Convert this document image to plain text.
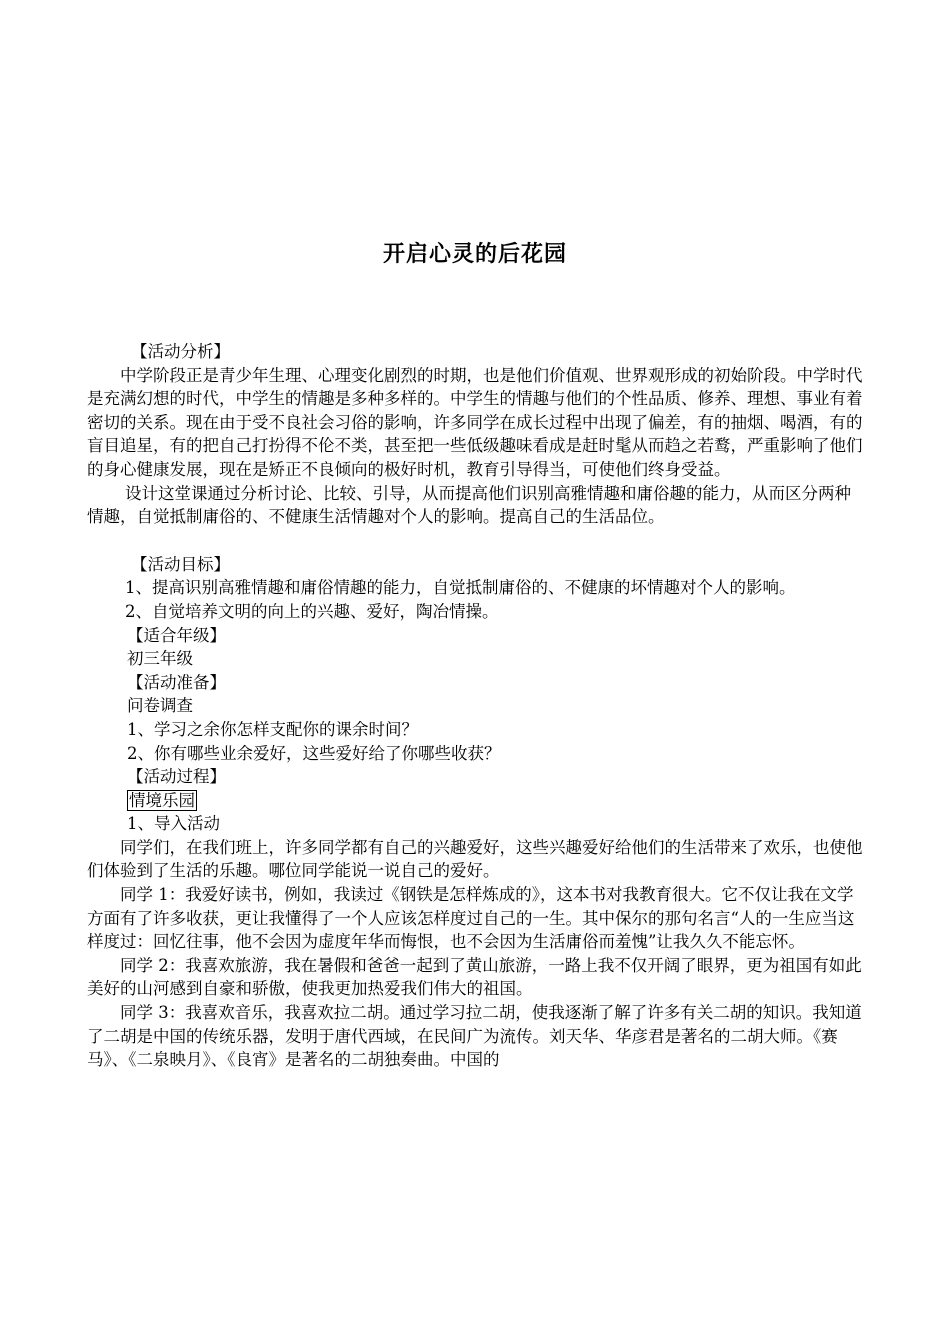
开启心灵的后花园

【活动分析】

中学阶段正是青少年生理、心理变化剧烈的时期，也是他们价值观、世界观形成的初始阶段。中学时代是充满幻想的时代，中学生的情趣是多种多样的。中学生的情趣与他们的个性品质、修养、理想、事业有着密切的关系。现在由于受不良社会习俗的影响，许多同学在成长过程中出现了偏差，有的抽烟、喝酒，有的盲目追星，有的把自己打扮得不伦不类，甚至把一些低级趣味看成是赶时髦从而趋之若鹜，严重影响了他们的身心健康发展，现在是矫正不良倾向的极好时机，教育引导得当，可使他们终身受益。

设计这堂课通过分析讨论、比较、引导，从而提高他们识别高雅情趣和庸俗趣的能力，从而区分两种情趣，自觉抵制庸俗的、不健康生活情趣对个人的影响。提高自己的生活品位。

【活动目标】

1、提高识别高雅情趣和庸俗情趣的能力，自觉抵制庸俗的、不健康的坏情趣对个人的影响。

2、自觉培养文明的向上的兴趣、爱好，陶冶情操。

【适合年级】

初三年级

【活动准备】

问卷调查

1、学习之余你怎样支配你的课余时间？

2、你有哪些业余爱好，这些爱好给了你哪些收获？

【活动过程】

情境乐园

1、导入活动

同学们，在我们班上，许多同学都有自己的兴趣爱好，这些兴趣爱好给他们的生活带来了欢乐，也使他们体验到了生活的乐趣。哪位同学能说一说自己的爱好。

同学 1：我爱好读书，例如，我读过《钢铁是怎样炼成的》，这本书对我教育很大。它不仅让我在文学方面有了许多收获，更让我懂得了一个人应该怎样度过自己的一生。其中保尔的那句名言“人的一生应当这样度过：回忆往事，他不会因为虚度年华而悔恨，也不会因为生活庸俗而羞愧”让我久久不能忘怀。

同学 2：我喜欢旅游，我在暑假和爸爸一起到了黄山旅游，一路上我不仅开阔了眼界，更为祖国有如此美好的山河感到自豪和骄傲，使我更加热爱我们伟大的祖国。

同学 3：我喜欢音乐，我喜欢拉二胡。通过学习拉二胡，使我逐渐了解了许多有关二胡的知识。我知道了二胡是中国的传统乐器，发明于唐代西域，在民间广为流传。刘天华、华彦君是著名的二胡大师。《赛马》、《二泉映月》、《良宵》是著名的二胡独奏曲。中国的
